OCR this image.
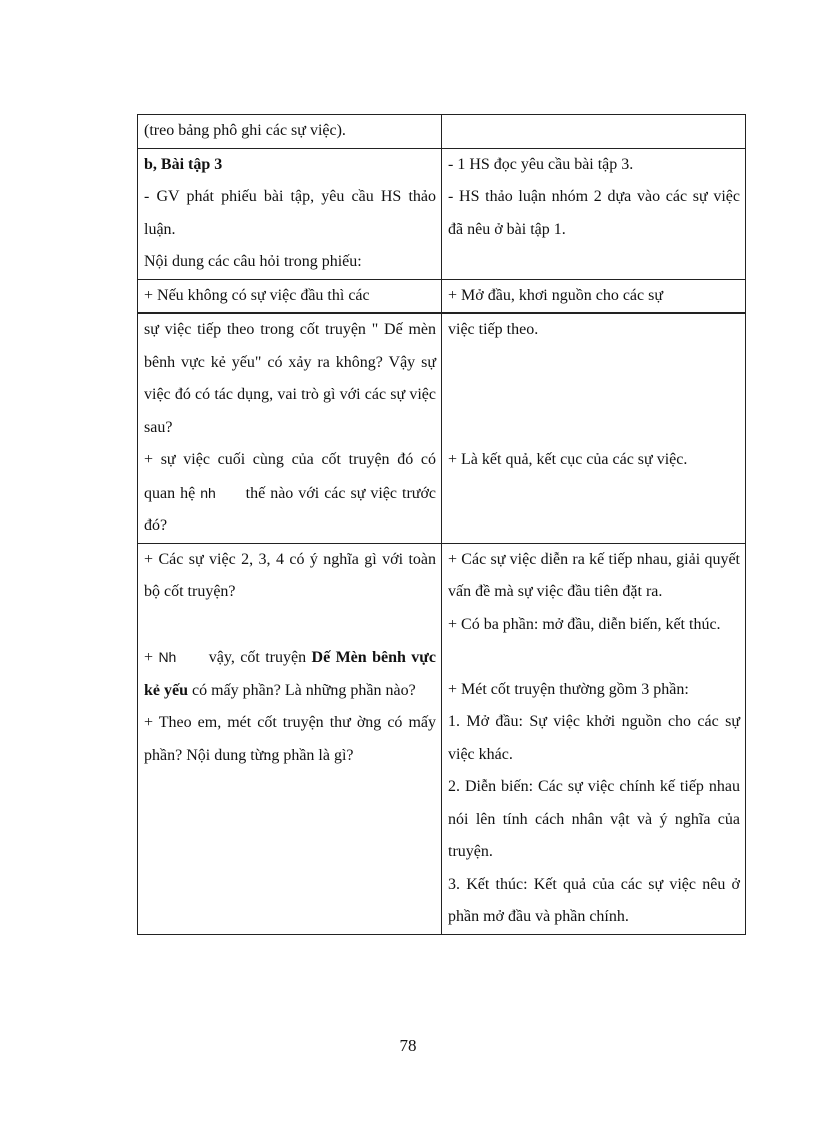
(treo bảng phô ghi các sự việc).

b, Bài tập 3

- GV phát phiếu bài tập, yêu cầu HS thảo luận.

Nội dung các câu hỏi trong phiếu:

- 1 HS đọc yêu cầu bài tập 3.

- HS thảo luận nhóm 2 dựa vào các sự việc đã nêu ở bài tập 1.

+ Nếu không có sự việc đầu thì các	+ Mở đầu, khơi nguồn cho các sự

sự việc tiếp theo trong cốt truyện " Dế mèn bênh vực kẻ yếu" có xảy ra không? Vậy sự việc đó có tác dụng, vai trò gì với các sự việc sau?

+ sự việc cuối cùng của cốt truyện đó có quan hệ nh      thế nào với các sự việc trước đó?

việc tiếp theo.

+ Là kết quả, kết cục của các sự việc.

+ Các sự việc 2, 3, 4 có ý nghĩa gì với toàn bộ cốt truyện?

+ Nh      vậy, cốt truyện Dế Mèn bênh vực kẻ yếu có mấy phần? Là những phần nào?

+ Theo em, mét cốt truyện thư ờng có mấy phần? Nội dung từng phần là gì?

+ Các sự việc diễn ra kế tiếp nhau, giải quyết vấn đề mà sự việc đầu tiên đặt ra.

+ Có ba phần: mở đầu, diễn biến, kết thúc.

+ Mét cốt truyện thường gồm 3 phần:

1. Mở đầu: Sự việc khởi nguồn cho các sự việc khác.

2. Diễn biến: Các sự việc chính kế tiếp nhau nói lên tính cách nhân vật và ý nghĩa của truyện.

3. Kết thúc: Kết quả của các sự việc nêu ở phần mở đầu và phần chính.

78
